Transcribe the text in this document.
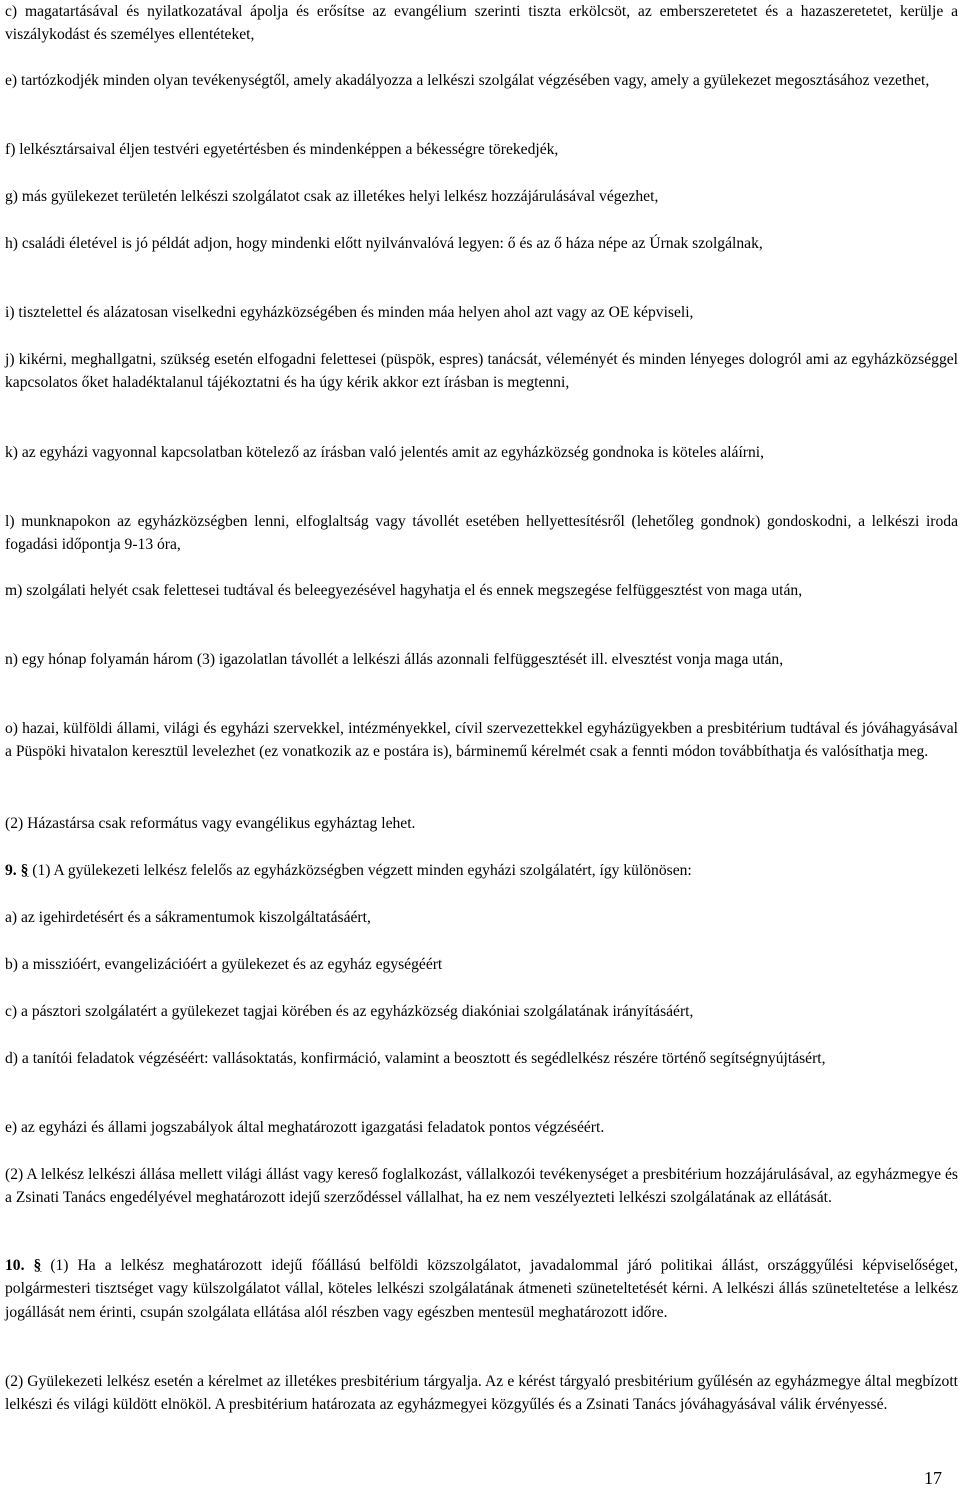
c) magatartásával és nyilatkozatával ápolja és erősítse az evangélium szerinti tiszta erkölcsöt, az emberszeretetet és a hazaszeretetet, kerülje a viszálykodást és személyes ellentéteket,

e) tartózkodjék minden olyan tevékenységtől, amely akadályozza a lelkészi szolgálat végzésében vagy, amely a gyülekezet megosztásához vezethet,

f) lelkésztársaival éljen testvéri egyetértésben és mindenképpen a békességre törekedjék,

g) más gyülekezet területén lelkészi szolgálatot csak az illetékes helyi lelkész hozzájárulásával végezhet,

h) családi életével is jó példát adjon, hogy mindenki előtt nyilvánvalóvá legyen: ő és az ő háza népe az Úrnak szolgálnak,

i) tisztelettel és alázatosan viselkedni egyházközségében és minden máa helyen ahol azt vagy az OE képviseli,

j) kikérni, meghallgatni, szükség esetén elfogadni felettesei (püspök, espres) tanácsát, véleményét és minden lényeges dologról ami az egyházközséggel kapcsolatos őket haladéktalanul tájékoztatni és ha úgy kérik akkor ezt írásban is megtenni,

k) az egyházi vagyonnal kapcsolatban kötelező az írásban való jelentés amit az egyházközség gondnoka is köteles aláírni,

l) munknapokon az egyházközségben lenni, elfoglaltság vagy távollét esetében hellyettesítésről (lehetőleg gondnok) gondoskodni, a lelkészi iroda fogadási időpontja 9-13 óra,

m) szolgálati helyét csak felettesei tudtával és beleegyezésével hagyhatja el és ennek megszegése felfüggesztést von maga után,

n) egy hónap folyamán három (3) igazolatlan távollét a lelkészi állás azonnali felfüggesztését ill. elvesztést vonja maga után,

o) hazai, külföldi állami, világi és egyházi szervekkel, intézményekkel, cívil szervezettekkel egyházügyekben a presbitérium tudtával és jóváhagyásával a Püspöki hivatalon keresztül levelezhet (ez vonatkozik az e postára is), bárminemű kérelmét csak a fennti módon továbbíthatja és valósíthatja meg.

(2) Házastársa csak református vagy evangélikus egyháztag lehet.

9. § (1) A gyülekezeti lelkész felelős az egyházközségben végzett minden egyházi szolgálatért, így különösen:

a) az igehirdetésért és a sákramentumok kiszolgáltatásáért,

b) a misszióért, evangelizációért a gyülekezet és az egyház egységéért

c) a pásztori szolgálatért a gyülekezet tagjai körében és az egyházközség diakóniai szolgálatának irányításáért,

d) a tanítói feladatok végzéséért: vallásoktatás, konfirmáció, valamint a beosztott és segédlelkész részére történő segítségnyújtásért,

e) az egyházi és állami jogszabályok által meghatározott igazgatási feladatok pontos végzéséért.

(2) A lelkész lelkészi állása mellett világi állást vagy kereső foglalkozást, vállalkozói tevékenységet a presbitérium hozzájárulásával, az egyházmegye és a Zsinati Tanács engedélyével meghatározott idejű szerződéssel vállalhat, ha ez nem veszélyezteti lelkészi szolgálatának az ellátását.

10. § (1) Ha a lelkész meghatározott idejű főállású belföldi közszolgálatot, javadalommal járó politikai állást, országgyűlési képviselőséget, polgármesteri tisztséget vagy külszolgálatot vállal, köteles lelkészi szolgálatának átmeneti szüneteltetését kérni. A lelkészi állás szüneteltetése a lelkész jogállását nem érinti, csupán szolgálata ellátása alól részben vagy egészben mentesül meghatározott időre.

(2) Gyülekezeti lelkész esetén a kérelmet az illetékes presbitérium tárgyalja. Az e kérést tárgyaló presbitérium gyűlésén az egyházmegye által megbízott lelkészi és világi küldött elnököl. A presbitérium határozata az egyházmegyei közgyűlés és a Zsinati Tanács jóváhagyásával válik érvényessé.

17
